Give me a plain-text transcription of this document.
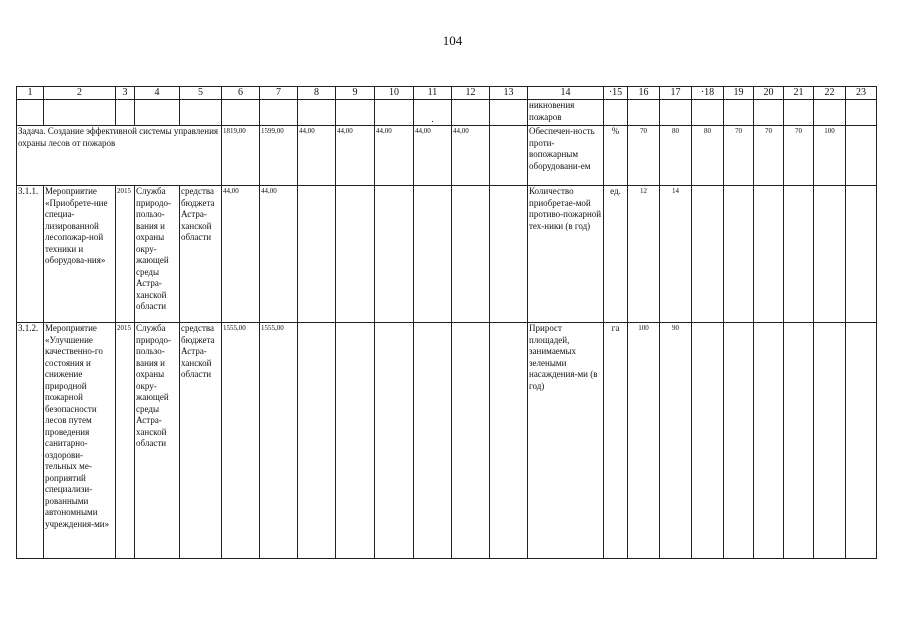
104
1	2	3	4	5	6	7	8	9	10	11	12	13	14	·15	16	17	·18	19	20	21	22	23
										.			никновения пожаров									
Задача. Создание эффективной системы управления охраны лесов от пожаров					1819,00	1599,00	44,00	44,00	44,00	44,00	44,00		Обеспечен-ность проти-вопожарным оборудовани-ем	%	70	80	80	70	70	70	100	
3.1.1.	Мероприятие «Приобрете-ние специа-лизированной лесопожар-ной техники и оборудова-ния»	2015	Служба природо-пользо-вания и охраны окру-жающей среды Астра-ханской области	средства бюджета Астра-ханской области	44,00	44,00							Количество приобретае-мой противо-пожарной тех-ники (в год)	ед.	12	14						
3.1.2.	Мероприятие «Улучшение качественно-го состояния и снижение природной пожарной безопасности лесов путем проведения санитарно-оздорови-тельных ме-роприятий специализи-рованными автономными учреждения-ми»	2015	Служба природо-пользо-вания и охраны окру-жающей среды Астра-ханской области	средства бюджета Астра-ханской области	1555,00	1555,00							Прирост площадей, занимаемых зелеными насаждения-ми (в год)	га	100	90						
